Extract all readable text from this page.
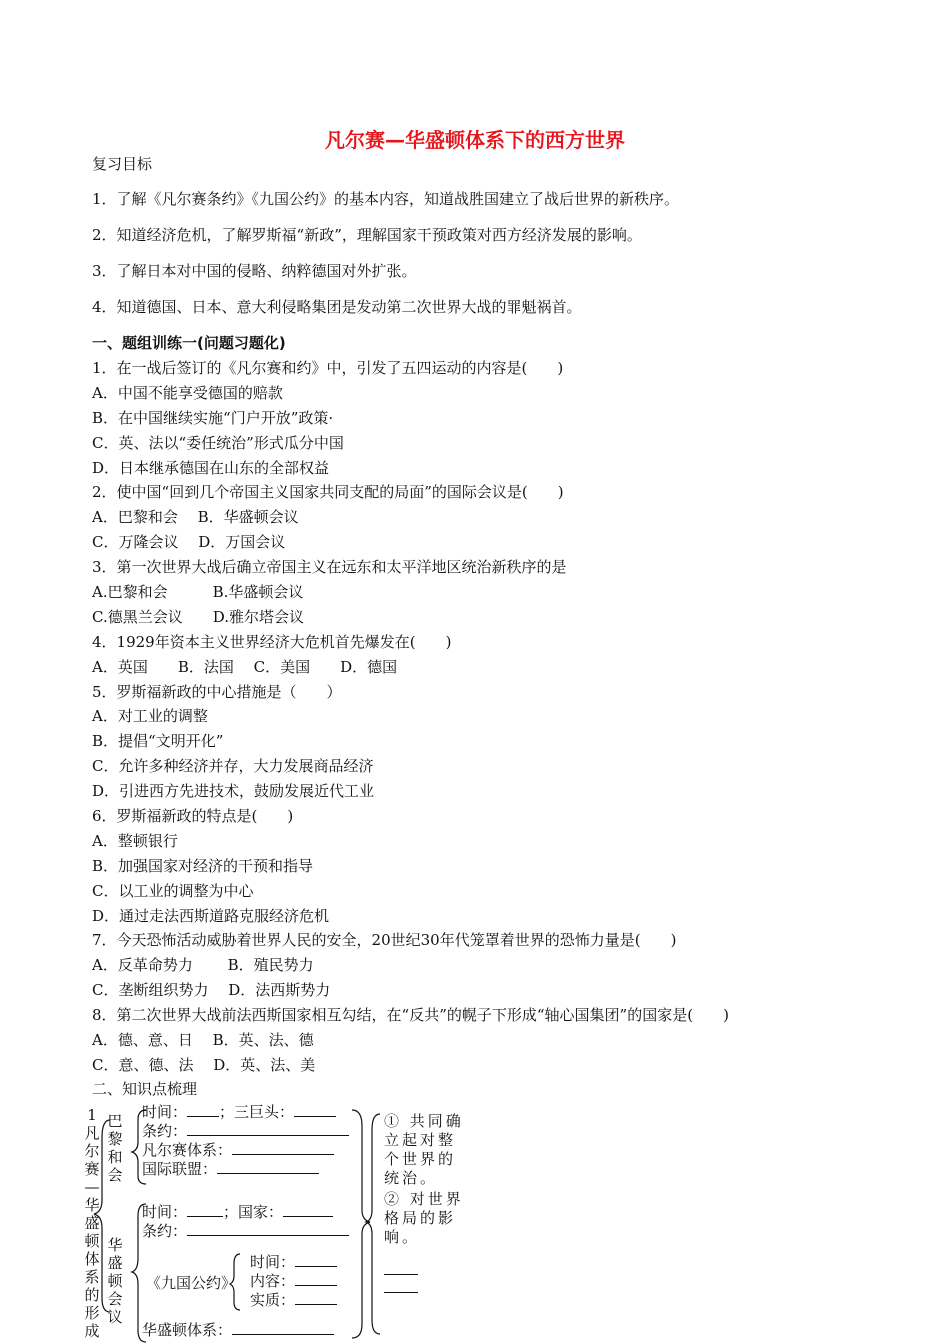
凡尔赛—华盛顿体系下的西方世界
复习目标
1．了解《凡尔赛条约》《九国公约》的基本内容，知道战胜国建立了战后世界的新秩序。
2．知道经济危机，了解罗斯福“新政”，理解国家干预政策对西方经济发展的影响。
3．了解日本对中国的侵略、纳粹德国对外扩张。
4．知道德国、日本、意大利侵略集团是发动第二次世界大战的罪魁祸首。
一、题组训练一(问题习题化)
1．在一战后签订的《凡尔赛和约》中，引发了五四运动的内容是(　　)
A．中国不能享受德国的赔款
B．在中国继续实施“门户开放”政策·
C．英、法以“委任统治”形式瓜分中国
D．日本继承德国在山东的全部权益
2．使中国“回到几个帝国主义国家共同支配的局面”的国际会议是(　　)
A．巴黎和会　 B．华盛顿会议
C．万隆会议　 D．万国会议
3．第一次世界大战后确立帝国主义在远东和太平洋地区统治新秩序的是
A.巴黎和会　　　B.华盛顿会议
C.德黑兰会议　　D.雅尔塔会议
4．1929年资本主义世界经济大危机首先爆发在(　　)
A．英国　　B．法国　 C．美国　　D．德国
5．罗斯福新政的中心措施是（　　）
A．对工业的调整
B．提倡“文明开化”
C．允许多种经济并存，大力发展商品经济
D．引进西方先进技术，鼓励发展近代工业
6．罗斯福新政的特点是(　　)
A．整顿银行
B．加强国家对经济的干预和指导
C．以工业的调整为中心
D．通过走法西斯道路克服经济危机
7．今天恐怖活动威胁着世界人民的安全，20世纪30年代笼罩着世界的恐怖力量是(　　)
A．反革命势力　　 B．殖民势力
C．垄断组织势力　 D．法西斯势力
8．第二次世界大战前法西斯国家相互勾结，在“反共”的幌子下形成“轴心国集团”的国家是(　　)
A．德、意、日　 B．英、法、德
C．意、德、法　 D．英、法、美
二、知识点梳理
1凡尔赛—华盛顿体系的形成
巴黎和会
华盛顿会议
时间： ；三巨头：
条约：
凡尔赛体系：
国际联盟：
时间： ；国家：
条约：
《九国公约》
时间：
内容：
实质：
华盛顿体系：
① 共同确立起对整个世界的统治。
② 对世界格局的影响。
